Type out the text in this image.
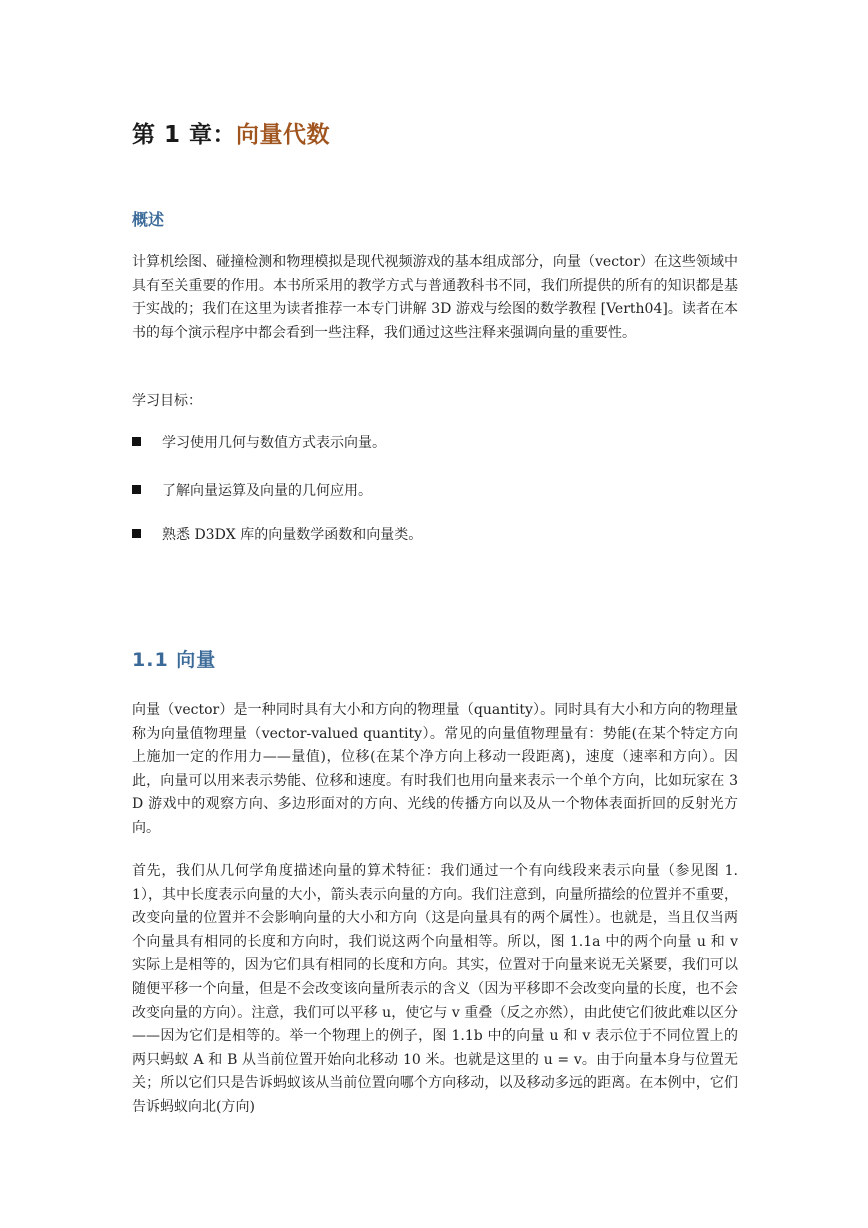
第 1 章：向量代数
概述

计算机绘图、碰撞检测和物理模拟是现代视频游戏的基本组成部分，向量（vector）在这些领域中具有至关重要的作用。本书所采用的教学方式与普通教科书不同，我们所提供的所有的知识都是基于实战的；我们在这里为读者推荐一本专门讲解 3D 游戏与绘图的数学教程 [Verth04]。读者在本书的每个演示程序中都会看到一些注释，我们通过这些注释来强调向量的重要性。

学习目标：

学习使用几何与数值方式表示向量。
了解向量运算及向量的几何应用。
熟悉 D3DX 库的向量数学函数和向量类。
1.1 向量

向量（vector）是一种同时具有大小和方向的物理量（quantity）。同时具有大小和方向的物理量称为向量值物理量（vector-valued quantity）。常见的向量值物理量有：势能(在某个特定方向上施加一定的作用力——量值)，位移(在某个净方向上移动一段距离)，速度（速率和方向）。因此，向量可以用来表示势能、位移和速度。有时我们也用向量来表示一个单个方向，比如玩家在 3D 游戏中的观察方向、多边形面对的方向、光线的传播方向以及从一个物体表面折回的反射光方向。

首先，我们从几何学角度描述向量的算术特征：我们通过一个有向线段来表示向量（参见图 1.1），其中长度表示向量的大小，箭头表示向量的方向。我们注意到，向量所描绘的位置并不重要，改变向量的位置并不会影响向量的大小和方向（这是向量具有的两个属性）。也就是，当且仅当两个向量具有相同的长度和方向时，我们说这两个向量相等。所以，图 1.1a 中的两个向量 u 和 v 实际上是相等的，因为它们具有相同的长度和方向。其实，位置对于向量来说无关紧要，我们可以随便平移一个向量，但是不会改变该向量所表示的含义（因为平移即不会改变向量的长度，也不会改变向量的方向）。注意，我们可以平移 u，使它与 v 重叠（反之亦然），由此使它们彼此难以区分——因为它们是相等的。举一个物理上的例子，图 1.1b 中的向量 u 和 v 表示位于不同位置上的两只蚂蚁 A 和 B 从当前位置开始向北移动 10 米。也就是这里的 u = v。由于向量本身与位置无关；所以它们只是告诉蚂蚁该从当前位置向哪个方向移动，以及移动多远的距离。在本例中，它们告诉蚂蚁向北(方向)
